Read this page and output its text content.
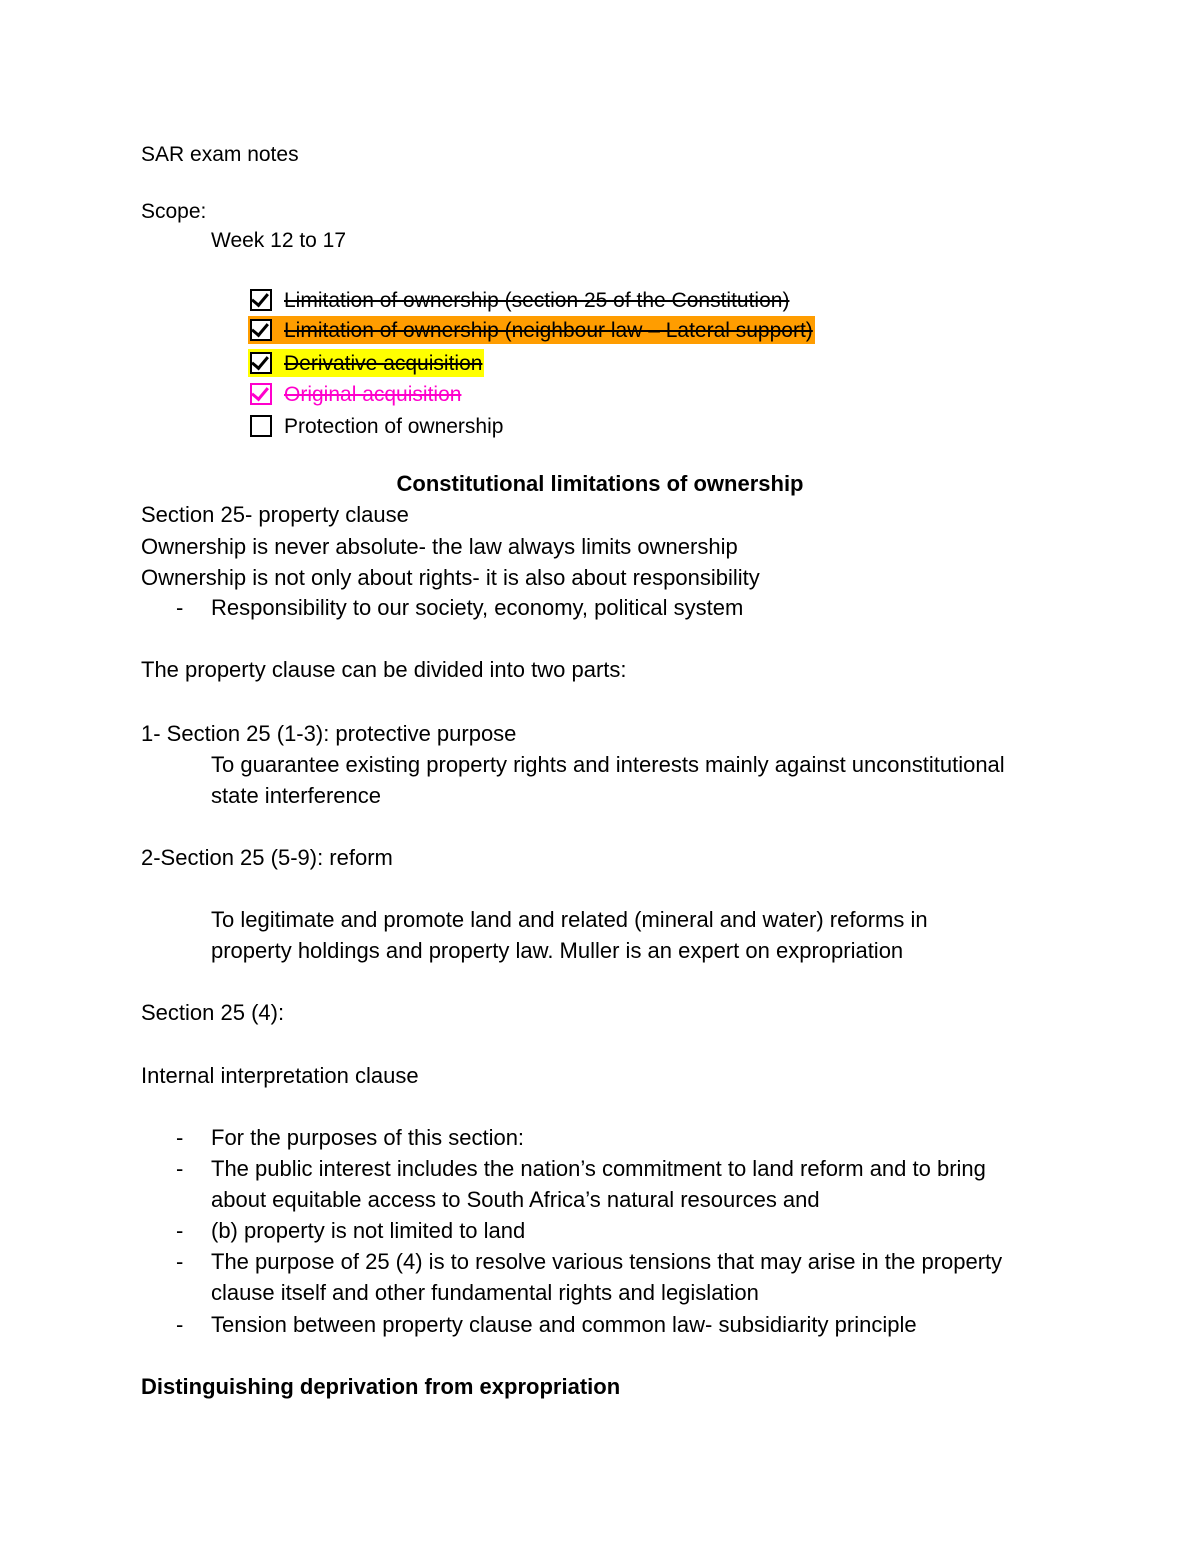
SAR exam notes
Scope:
Week 12 to 17
Limitation of ownership (section 25 of the Constitution)
Limitation of ownership (neighbour law – Lateral support)
Derivative acquisition
Original acquisition
Protection of ownership
Constitutional limitations of ownership
Section 25- property clause
Ownership is never absolute- the law always limits ownership
Ownership is not only about rights- it is also about responsibility
- Responsibility to our society, economy, political system
The property clause can be divided into two parts:
1- Section 25 (1-3): protective purpose
To guarantee existing property rights and interests mainly against unconstitutional
state interference
2-Section 25 (5-9): reform
To legitimate and promote land and related (mineral and water) reforms in
property holdings and property law. Muller is an expert on expropriation
Section 25 (4):
Internal interpretation clause
- For the purposes of this section:
- The public interest includes the nation’s commitment to land reform and to bring
about equitable access to South Africa’s natural resources and
- (b) property is not limited to land
- The purpose of 25 (4) is to resolve various tensions that may arise in the property
clause itself and other fundamental rights and legislation
- Tension between property clause and common law- subsidiarity principle
Distinguishing deprivation from expropriation
